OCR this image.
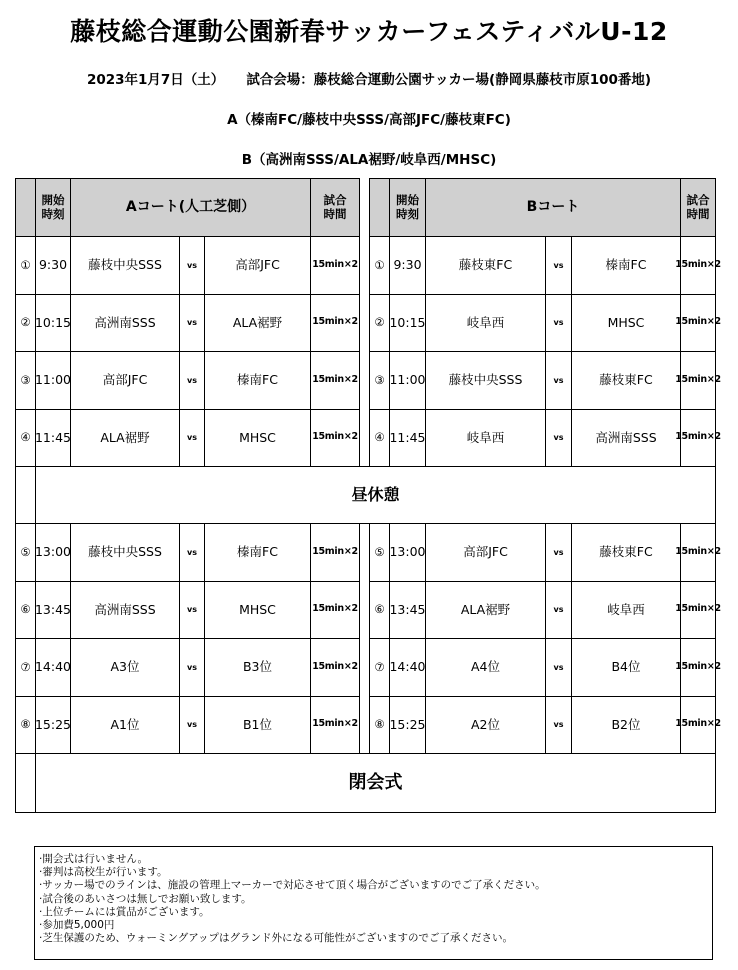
藤枝総合運動公園新春サッカーフェスティバルU-12
2023年1月7日（土） 試合会場：藤枝総合運動公園サッカー場(静岡県藤枝市原100番地)
A（榛南FC/藤枝中央SSS/高部JFC/藤枝東FC)
B（高洲南SSS/ALA裾野/岐阜西/MHSC)
開始
時刻	Aコート(人工芝側）	試合
時間
開始
時刻	Bコート	試合
時間
① 9:30 藤枝中央SSS	vs	高部JFC	15min×2 ① 9:30	藤枝東FC	vs	榛南FC	15min×2
② 10:15 高洲南SSS	vs	ALA裾野	15min×2 ② 10:15	岐阜西	vs	MHSC	15min×2
③ 11:00	高部JFC	vs	榛南FC	15min×2 ③ 11:00 藤枝中央SSS	vs	藤枝東FC 15min×2
④ 11:45 ALA裾野	vs	MHSC	15min×2 ④ 11:45	岐阜西	vs	高洲南SSS 15min×2
昼休憩
⑤ 13:00 藤枝中央SSS	vs	榛南FC	15min×2 ⑤ 13:00	高部JFC	vs	藤枝東FC 15min×2
⑥ 13:45 高洲南SSS	vs	MHSC	15min×2 ⑥ 13:45	ALA裾野	vs	岐阜西	15min×2
⑦ 14:40	A3位	vs	B3位	15min×2 ⑦ 14:40	A4位	vs	B4位	15min×2
⑧ 15:25	A1位	vs	B1位	15min×2 ⑧ 15:25	A2位	vs	B2位	15min×2
閉会式
·開会式は行いません。
·審判は高校生が行います。
·サッカー場でのラインは、施設の管理上マーカーで対応させて頂く場合がございますのでご了承ください。
·試合後のあいさつは無しでお願い致します。
·上位チームには賞品がございます。
·参加費5,000円
·芝生保護のため、ウォーミングアップはグランド外になる可能性がございますのでご了承ください。
